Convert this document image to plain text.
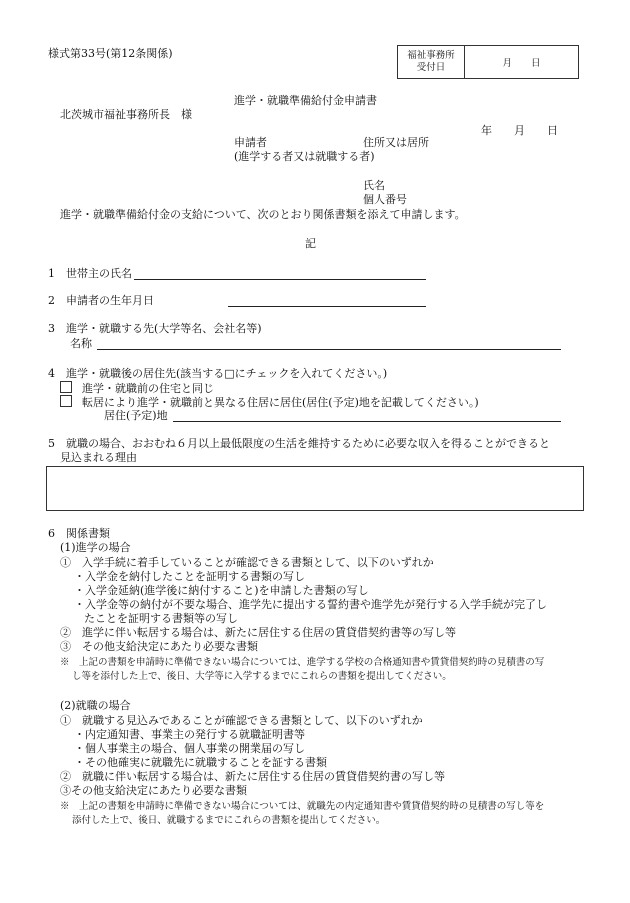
様式第33号(第12条関係)	福祉事務所
受付日	月　　日
進学・就職準備給付金申請書
北茨城市福祉事務所長　様
年　　月　　日
申請者	住所又は居所
(進学する者又は就職する者)
氏名
個人番号
進学・就職準備給付金の支給について、次のとおり関係書類を添えて申請します。
記
1　世帯主の氏名
2　申請者の生年月日
3　進学・就職する先(大学等名、会社名等)
名称
4　進学・就職後の居住先(該当する□にチェックを入れてください。)
進学・就職前の住宅と同じ
転居により進学・就職前と異なる住居に居住(居住(予定)地を記載してください。)
居住(予定)地
5　就職の場合、おおむね６月以上最低限度の生活を維持するために必要な収入を得ることができると
見込まれる理由
6　関係書類
(1)進学の場合
①　入学手続に着手していることが確認できる書類として、以下のいずれか
・入学金を納付したことを証明する書類の写し
・入学金延納(進学後に納付すること)を申請した書類の写し
・入学金等の納付が不要な場合、進学先に提出する誓約書や進学先が発行する入学手続が完了し
たことを証明する書類等の写し
②　進学に伴い転居する場合は、新たに居住する住居の賃貸借契約書等の写し等
③　その他支給決定にあたり必要な書類
※　上記の書類を申請時に準備できない場合については、進学する学校の合格通知書や賃貸借契約時の見積書の写
し等を添付した上で、後日、大学等に入学するまでにこれらの書類を提出してください。
(2)就職の場合
①　就職する見込みであることが確認できる書類として、以下のいずれか
・内定通知書、事業主の発行する就職証明書等
・個人事業主の場合、個人事業の開業届の写し
・その他確実に就職先に就職することを証する書類
②　就職に伴い転居する場合は、新たに居住する住居の賃貸借契約書の写し等
③その他支給決定にあたり必要な書類
※　上記の書類を申請時に準備できない場合については、就職先の内定通知書や賃貸借契約時の見積書の写し等を
添付した上で、後日、就職するまでにこれらの書類を提出してください。
